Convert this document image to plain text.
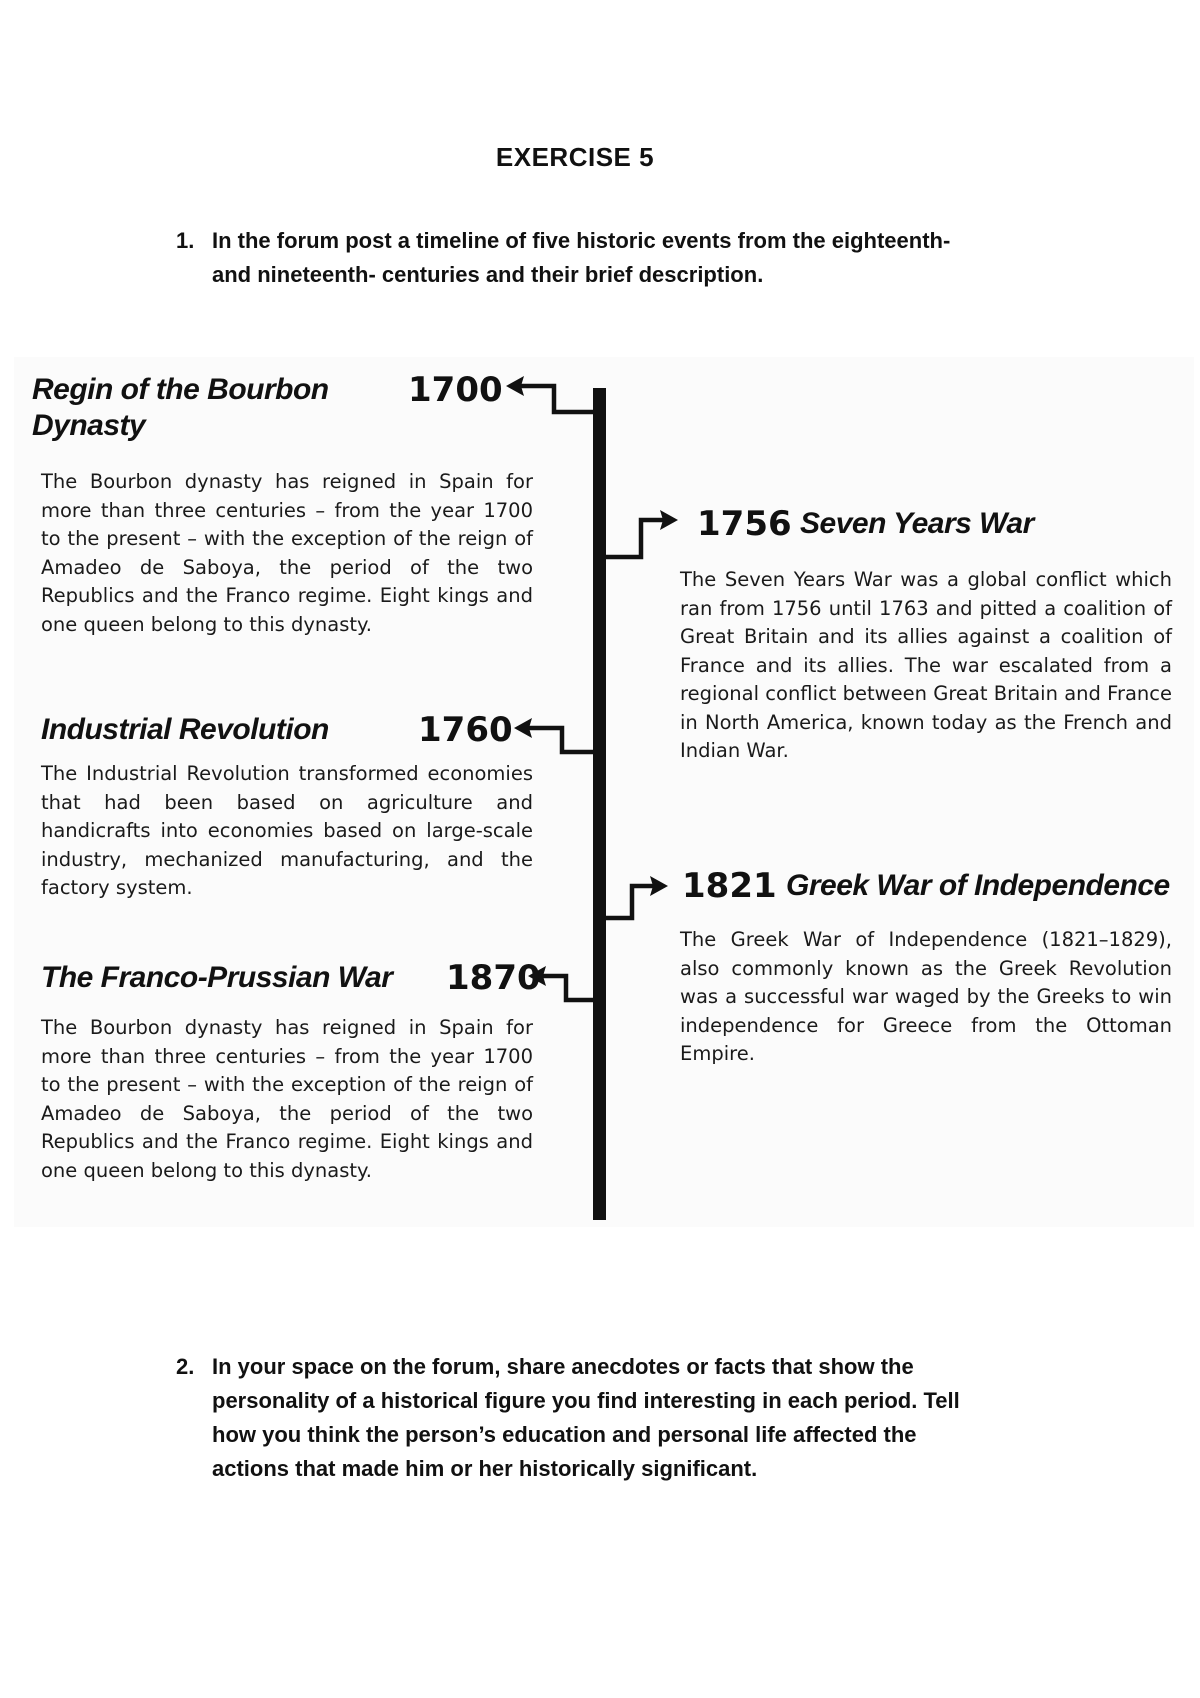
EXERCISE 5
1. In the forum post a timeline of five historic events from the eighteenth- and nineteenth- centuries and their brief description.
Regin of the Bourbon Dynasty
1700
The Bourbon dynasty has reigned in Spain for more than three centuries – from the year 1700 to the present – with the exception of the reign of Amadeo de Saboya, the period of the two Republics and the Franco regime. Eight kings and one queen belong to this dynasty.
1756 Seven Years War
The Seven Years War was a global conflict which ran from 1756 until 1763 and pitted a coalition of Great Britain and its allies against a coalition of France and its allies. The war escalated from a regional conflict between Great Britain and France in North America, known today as the French and Indian War.
Industrial Revolution	1760
The Industrial Revolution transformed economies that had been based on agriculture and handicrafts into economies based on large-scale industry, mechanized manufacturing, and the factory system.	1821 Greek War of Independence
The Greek War of Independence (1821–1829), also commonly known as the Greek Revolution was a successful war waged by the Greeks to win independence for Greece from the Ottoman Empire.
The Franco-Prussian War	1870
The Bourbon dynasty has reigned in Spain for more than three centuries – from the year 1700 to the present – with the exception of the reign of Amadeo de Saboya, the period of the two Republics and the Franco regime. Eight kings and one queen belong to this dynasty.
2. In your space on the forum, share anecdotes or facts that show the personality of a historical figure you find interesting in each period. Tell how you think the person’s education and personal life affected the actions that made him or her historically significant.
